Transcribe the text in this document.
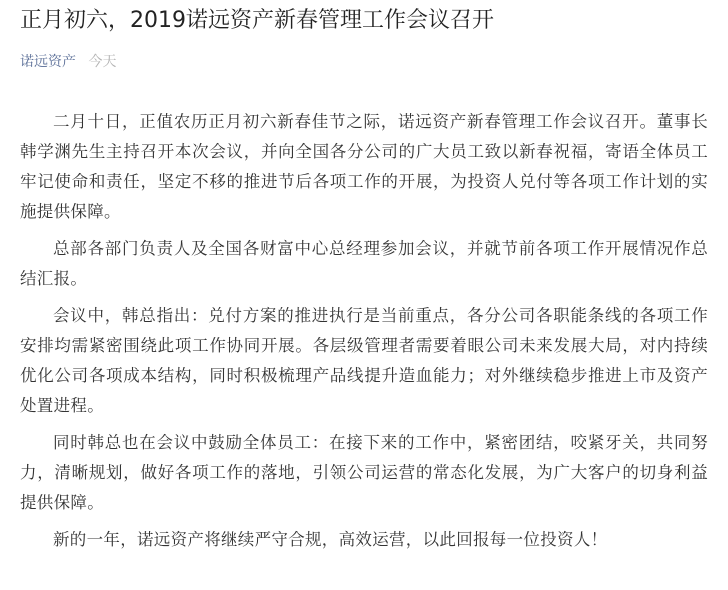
正月初六，2019诺远资产新春管理工作会议召开
诺远资产 今天

二月十日，正值农历正月初六新春佳节之际，诺远资产新春管理工作会议召开。董事长韩学渊先生主持召开本次会议，并向全国各分公司的广大员工致以新春祝福，寄语全体员工牢记使命和责任，坚定不移的推进节后各项工作的开展，为投资人兑付等各项工作计划的实施提供保障。

总部各部门负责人及全国各财富中心总经理参加会议，并就节前各项工作开展情况作总结汇报。

会议中，韩总指出：兑付方案的推进执行是当前重点，各分公司各职能条线的各项工作安排均需紧密围绕此项工作协同开展。各层级管理者需要着眼公司未来发展大局，对内持续优化公司各项成本结构，同时积极梳理产品线提升造血能力；对外继续稳步推进上市及资产处置进程。

同时韩总也在会议中鼓励全体员工：在接下来的工作中，紧密团结，咬紧牙关，共同努力，清晰规划，做好各项工作的落地，引领公司运营的常态化发展，为广大客户的切身利益提供保障。

新的一年，诺远资产将继续严守合规，高效运营，以此回报每一位投资人！
